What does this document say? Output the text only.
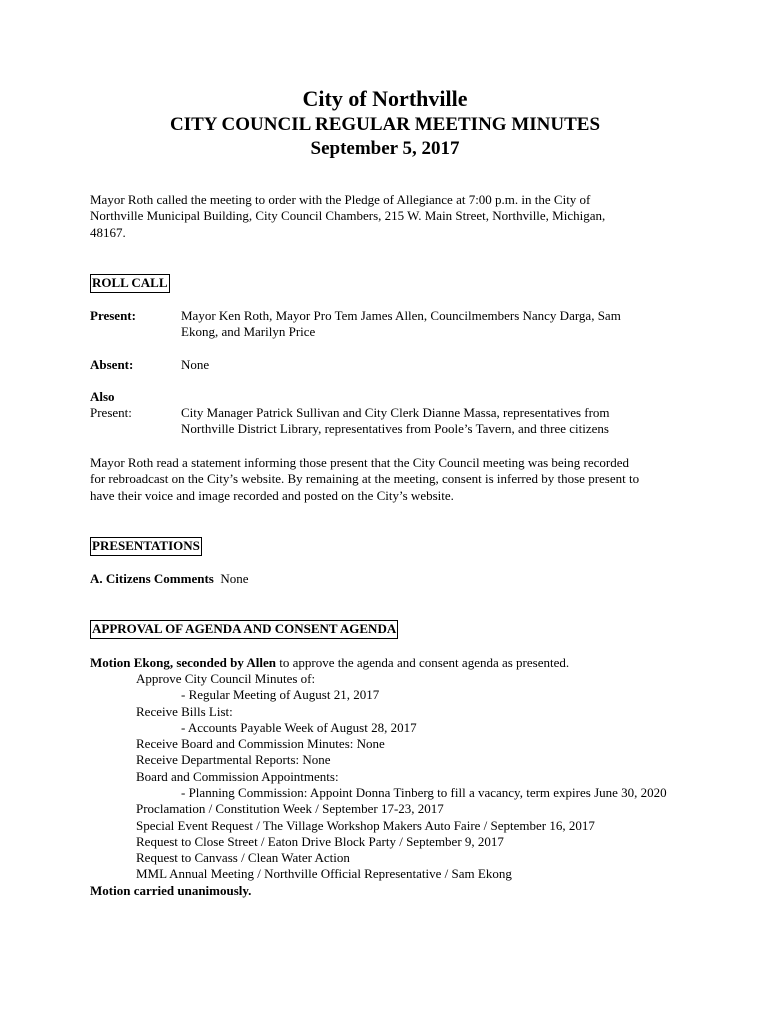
City of Northville
CITY COUNCIL REGULAR MEETING MINUTES
September 5, 2017
Mayor Roth called the meeting to order with the Pledge of Allegiance at 7:00 p.m. in the City of
Northville Municipal Building, City Council Chambers, 215 W. Main Street, Northville, Michigan,
48167.
ROLL CALL
Present:	Mayor Ken Roth, Mayor Pro Tem James Allen, Councilmembers Nancy Darga, Sam
Ekong, and Marilyn Price
Absent:	None
Also
Present:	City Manager Patrick Sullivan and City Clerk Dianne Massa, representatives from
Northville District Library, representatives from Poole’s Tavern, and three citizens
Mayor Roth read a statement informing those present that the City Council meeting was being recorded
for rebroadcast on the City’s website. By remaining at the meeting, consent is inferred by those present to
have their voice and image recorded and posted on the City’s website.
PRESENTATIONS
A. Citizens Comments None
APPROVAL OF AGENDA AND CONSENT AGENDA
Motion Ekong, seconded by Allen to approve the agenda and consent agenda as presented.
Approve City Council Minutes of:
- Regular Meeting of August 21, 2017
Receive Bills List:
- Accounts Payable Week of August 28, 2017
Receive Board and Commission Minutes: None
Receive Departmental Reports: None
Board and Commission Appointments:
- Planning Commission: Appoint Donna Tinberg to fill a vacancy, term expires June 30, 2020
Proclamation / Constitution Week / September 17-23, 2017
Special Event Request / The Village Workshop Makers Auto Faire / September 16, 2017
Request to Close Street / Eaton Drive Block Party / September 9, 2017
Request to Canvass / Clean Water Action
MML Annual Meeting / Northville Official Representative / Sam Ekong
Motion carried unanimously.
